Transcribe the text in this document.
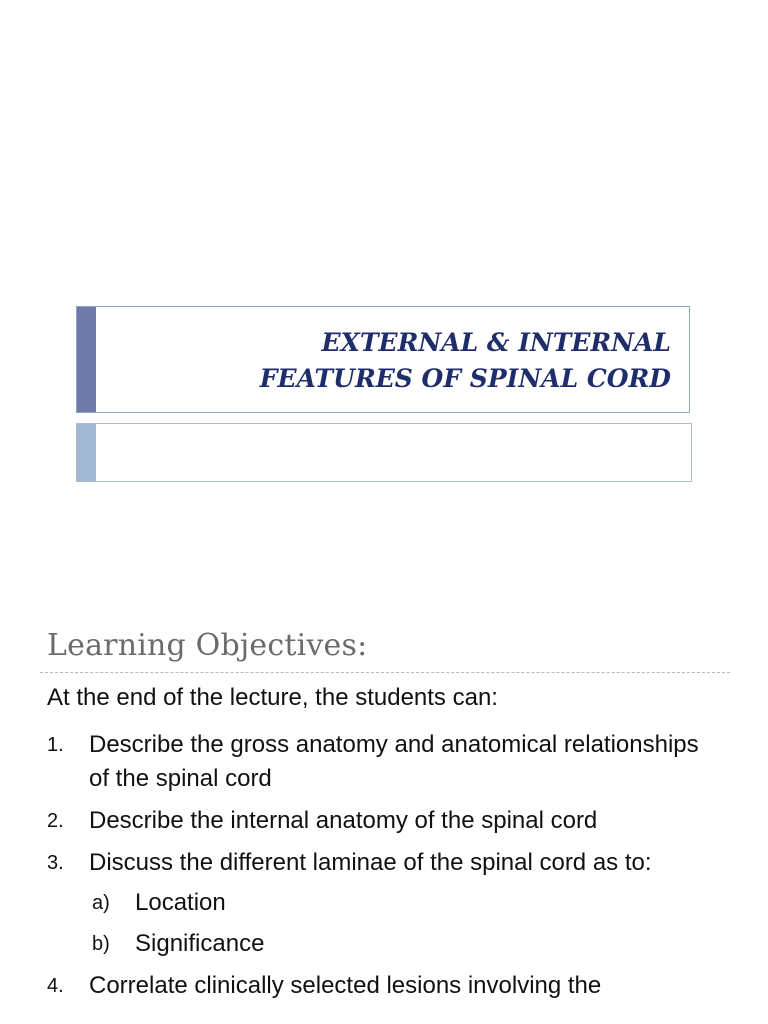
EXTERNAL & INTERNAL
FEATURES OF SPINAL CORD
Learning Objectives:

At the end of the lecture, the students can:

1. Describe the gross anatomy and anatomical relationships of the spinal cord
2. Describe the internal anatomy of the spinal cord
3. Discuss the different laminae of the spinal cord as to:
a) Location
b) Significance
4. Correlate clinically selected lesions involving the
